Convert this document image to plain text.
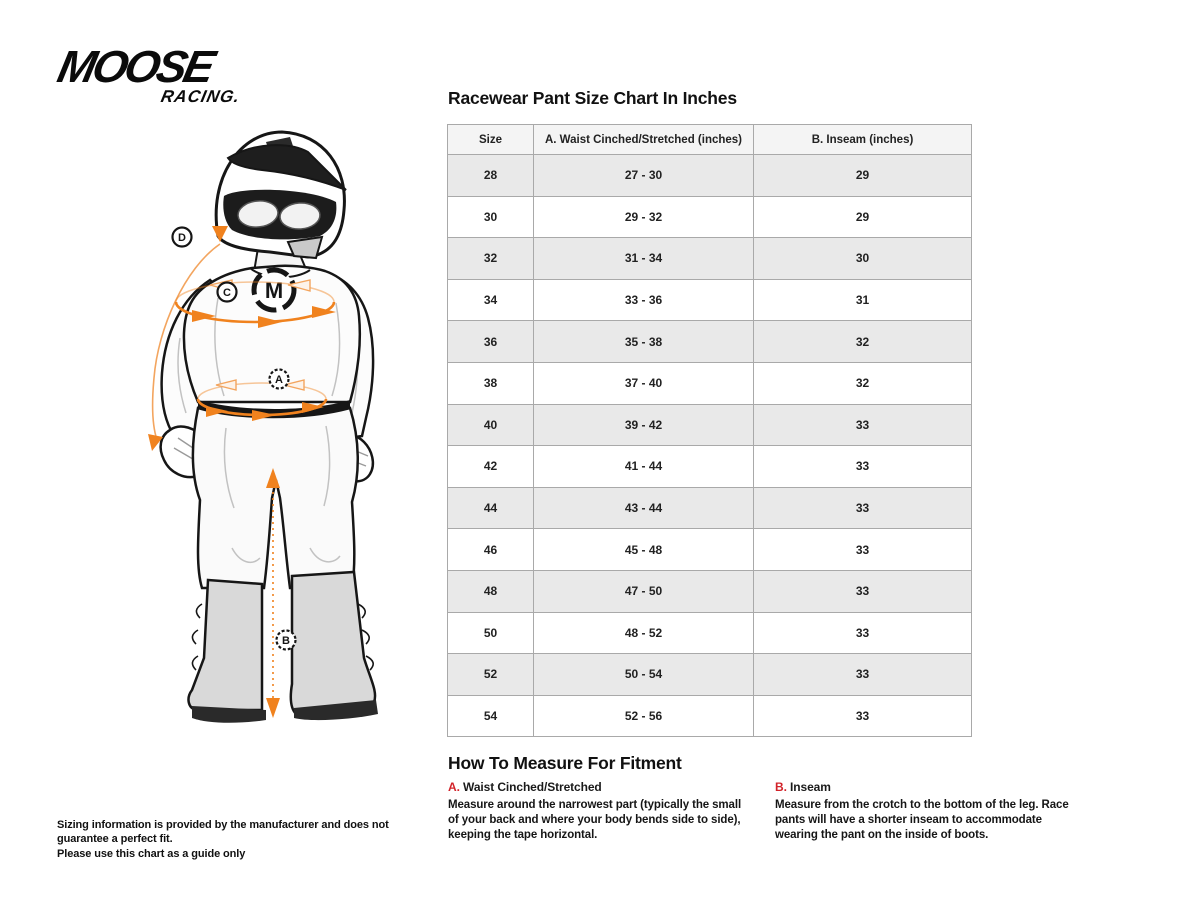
MOOSE
RACING.
M
D
C
A
B
Racewear Pant Size Chart In Inches
Size	A. Waist Cinched/Stretched (inches)	B. Inseam (inches)
28	27 - 30	29
30	29 - 32	29
32	31 - 34	30
34	33 - 36	31
36	35 - 38	32
38	37 - 40	32
40	39 - 42	33
42	41 - 44	33
44	43 - 44	33
46	45 - 48	33
48	47 - 50	33
50	48 - 52	33
52	50 - 54	33
54	52 - 56	33
How To Measure For Fitment
A. Waist Cinched/Stretched
Measure around the narrowest part (typically the small of your back and where your body bends side to side), keeping the tape horizontal.
B. Inseam
Measure from the crotch to the bottom of the leg. Race pants will have a shorter inseam to accommodate wearing the pant on the inside of boots.
Sizing information is provided by the manufacturer and does not guarantee a perfect fit.
Please use this chart as a guide only
